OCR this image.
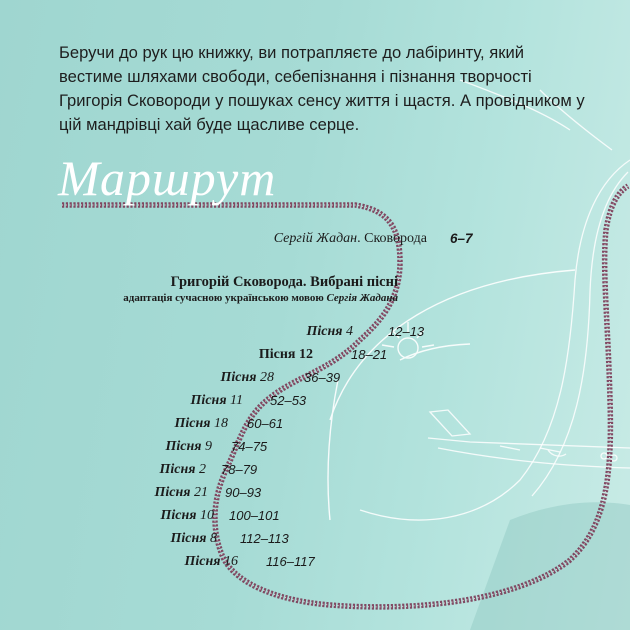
Беручи до рук цю книжку, ви потрапляєте до лабіринту, який вестиме шляхами свободи, себепізнання і пізнання творчості Григорія Сковороди у пошуках сенсу життя і щастя. А провідником у цій мандрівці хай буде щасливе серце.

Маршрут
Сергій Жадан. Сковорода 6–7
Григорій Сковорода. Вибрані пісні
адаптація сучасною українською мовою Сергія Жадана
Пісня 4	12–13
Пісня 12	18–21
Пісня 28 36–39
Пісня 11 52–53
Пісня 18 60–61
Пісня 9 74–75
Пісня 2 78–79
Пісня 21 90–93
Пісня 10 100–101
Пісня 8 112–113
Пісня 16 116–117
